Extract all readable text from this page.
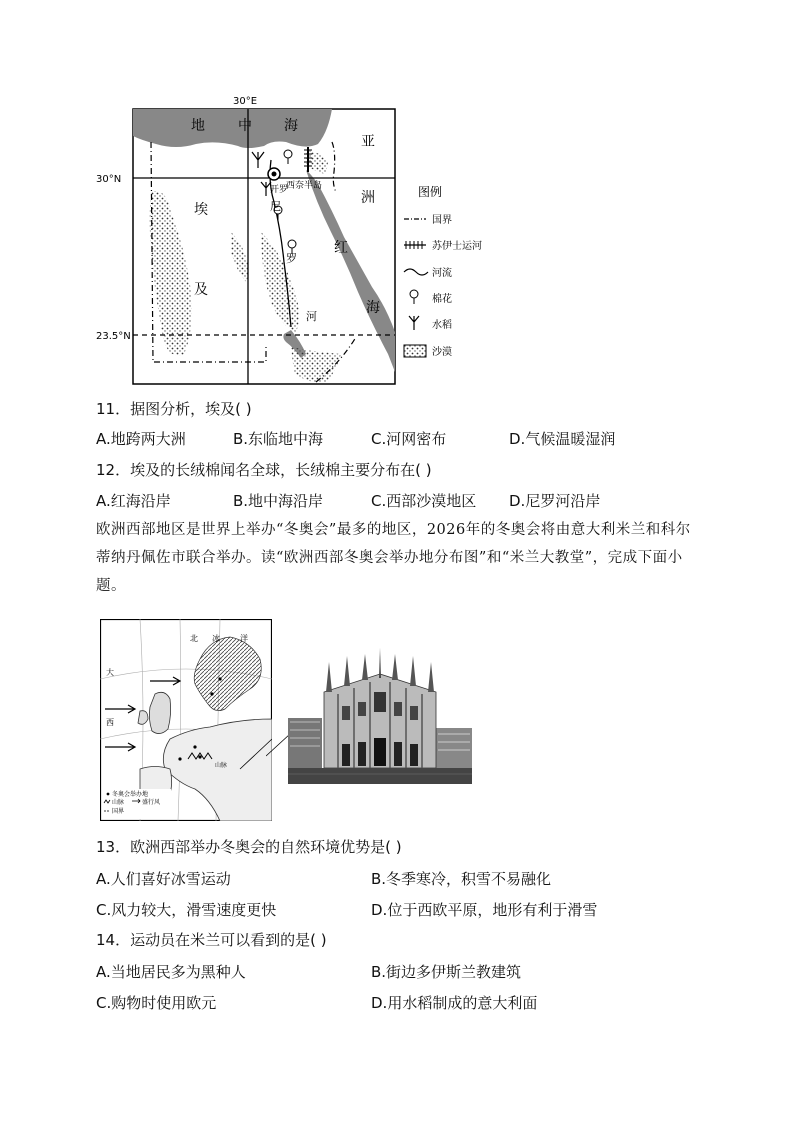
30°E
30°N
23.5°N
地 中 海
亚
洲
埃
及
开罗
西奈半岛
尼
罗
河
红
海
图例
国界
苏伊士运河
河流
棉花
水稻
沙漠
11．据图分析，埃及( )
A.地跨两大洲	B.东临地中海	C.河网密布	D.气候温暖湿润
12．埃及的长绒棉闻名全球，长绒棉主要分布在( )
A.红海沿岸	B.地中海沿岸	C.西部沙漠地区 D.尼罗河沿岸
欧洲西部地区是世界上举办“冬奥会”最多的地区，2026年的冬奥会将由意大利米兰和科尔蒂纳丹佩佐市联合举办。读“欧洲西部冬奥会举办地分布图”和“米兰大教堂”，完成下面小题。
北 冰	洋
大
西
山脉
冬奥会举办地
山脉	盛行风
国界
13．欧洲西部举办冬奥会的自然环境优势是( )
A.人们喜好冰雪运动	B.冬季寒冷，积雪不易融化
C.风力较大，滑雪速度更快	D.位于西欧平原，地形有利于滑雪
14．运动员在米兰可以看到的是( )
A.当地居民多为黑种人	B.街边多伊斯兰教建筑
C.购物时使用欧元	D.用水稻制成的意大利面
